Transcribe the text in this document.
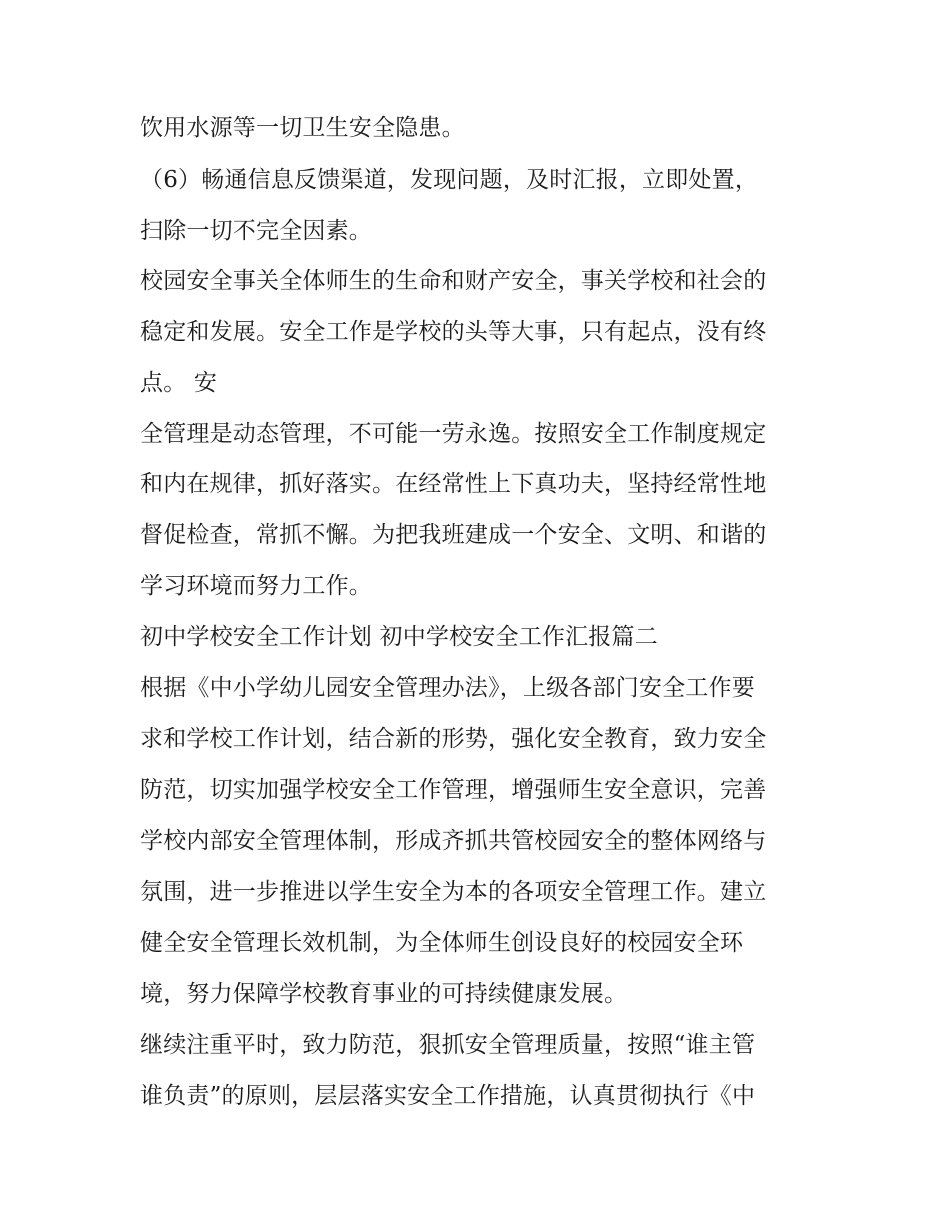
饮用水源等一切卫生安全隐患。
（6）畅通信息反馈渠道，发现问题，及时汇报，立即处置，
扫除一切不完全因素。
校园安全事关全体师生的生命和财产安全，事关学校和社会的
稳定和发展。安全工作是学校的头等大事，只有起点，没有终
点。 安
全管理是动态管理，不可能一劳永逸。按照安全工作制度规定
和内在规律，抓好落实。在经常性上下真功夫，坚持经常性地
督促检查，常抓不懈。为把我班建成一个安全、文明、和谐的
学习环境而努力工作。
初中学校安全工作计划 初中学校安全工作汇报篇二
根据《中小学幼儿园安全管理办法》，上级各部门安全工作要
求和学校工作计划，结合新的形势，强化安全教育，致力安全
防范，切实加强学校安全工作管理，增强师生安全意识，完善
学校内部安全管理体制，形成齐抓共管校园安全的整体网络与
氛围，进一步推进以学生安全为本的各项安全管理工作。建立
健全安全管理长效机制，为全体师生创设良好的校园安全环
境，努力保障学校教育事业的可持续健康发展。
继续注重平时，致力防范，狠抓安全管理质量，按照“谁主管
谁负责”的原则，层层落实安全工作措施，认真贯彻执行《中
